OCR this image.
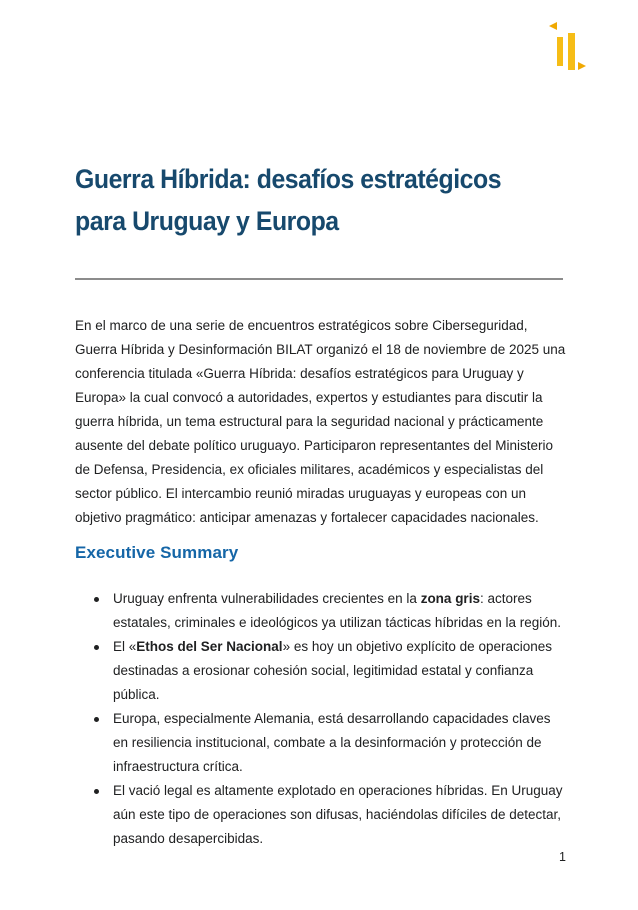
Guerra Híbrida: desafíos estratégicos
para Uruguay y Europa

En el marco de una serie de encuentros estratégicos sobre Ciberseguridad, Guerra Híbrida y Desinformación BILAT organizó el 18 de noviembre de 2025 una conferencia titulada «Guerra Híbrida: desafíos estratégicos para Uruguay y Europa» la cual convocó a autoridades, expertos y estudiantes para discutir la guerra híbrida, un tema estructural para la seguridad nacional y prácticamente ausente del debate político uruguayo. Participaron representantes del Ministerio de Defensa, Presidencia, ex oficiales militares, académicos y especialistas del sector público. El intercambio reunió miradas uruguayas y europeas con un objetivo pragmático: anticipar amenazas y fortalecer capacidades nacionales.

Executive Summary
Uruguay enfrenta vulnerabilidades crecientes en la zona gris: actores estatales, criminales e ideológicos ya utilizan tácticas híbridas en la región.
El «Ethos del Ser Nacional» es hoy un objetivo explícito de operaciones destinadas a erosionar cohesión social, legitimidad estatal y confianza pública.
Europa, especialmente Alemania, está desarrollando capacidades claves en resiliencia institucional, combate a la desinformación y protección de infraestructura crítica.
El vació legal es altamente explotado en operaciones híbridas. En Uruguay aún este tipo de operaciones son difusas, haciéndolas difíciles de detectar, pasando desapercibidas.
1
